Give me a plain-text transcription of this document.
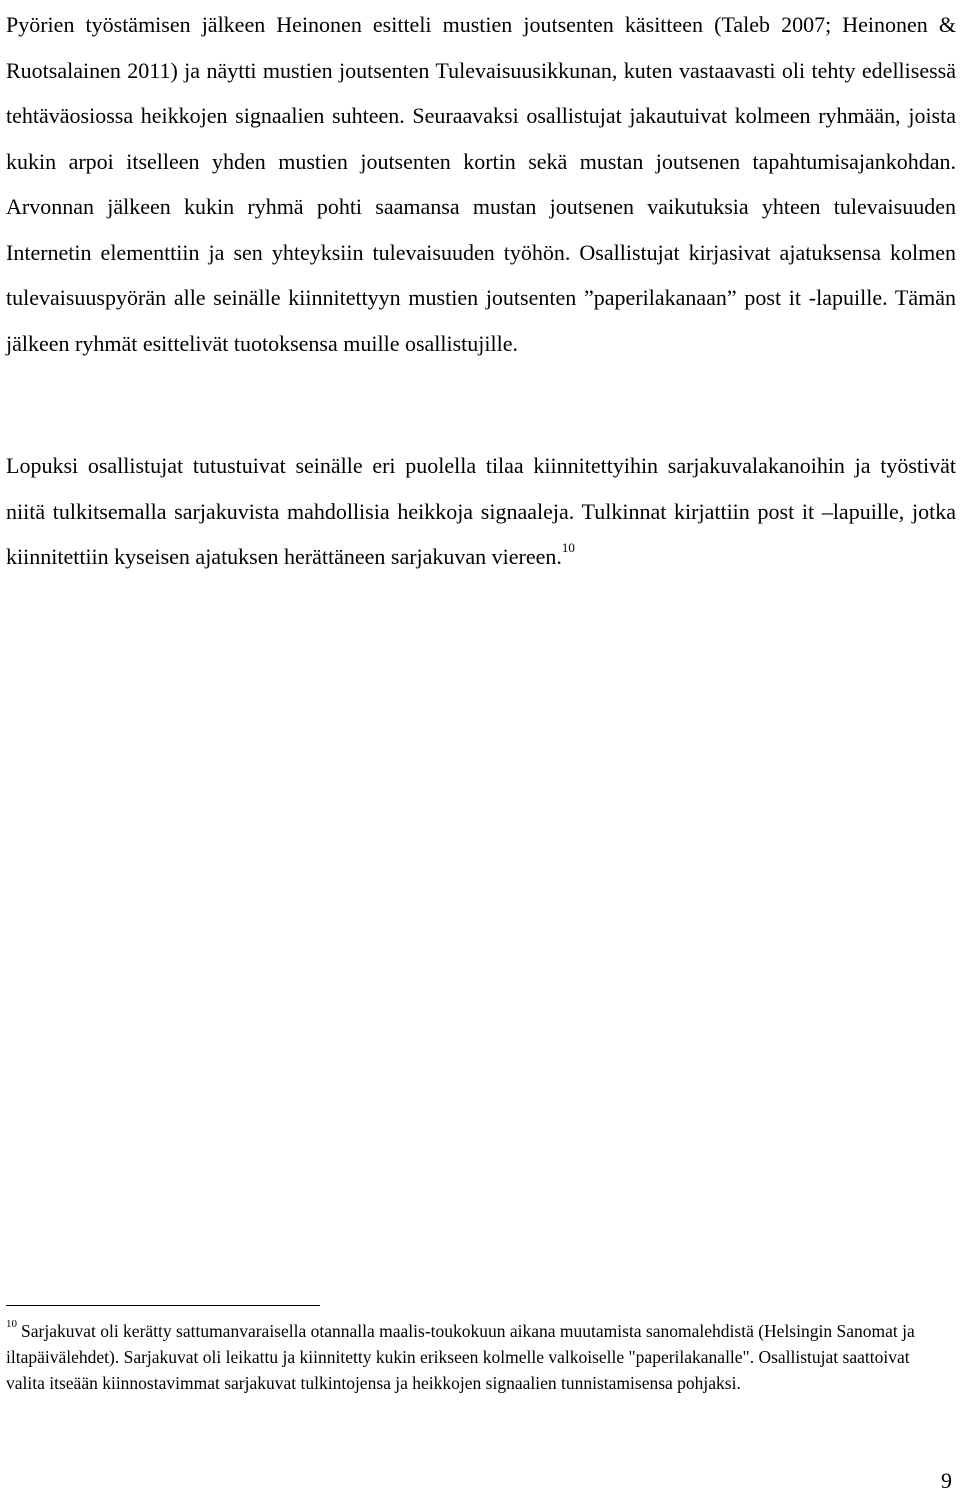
Pyörien työstämisen jälkeen Heinonen esitteli mustien joutsenten käsitteen (Taleb 2007; Heinonen & Ruotsalainen 2011) ja näytti mustien joutsenten Tulevaisuusikkunan, kuten vastaavasti oli tehty edellisessä tehtäväosiossa heikkojen signaalien suhteen. Seuraavaksi osallistujat jakautuivat kolmeen ryhmään, joista kukin arpoi itselleen yhden mustien joutsenten kortin sekä mustan joutsenen tapahtumisajankohdan. Arvonnan jälkeen kukin ryhmä pohti saamansa mustan joutsenen vaikutuksia yhteen tulevaisuuden Internetin elementtiin ja sen yhteyksiin tulevaisuuden työhön. Osallistujat kirjasivat ajatuksensa kolmen tulevaisuuspyörän alle seinälle kiinnitettyyn mustien joutsenten ”paperilakanaan” post it -lapuille. Tämän jälkeen ryhmät esittelivät tuotoksensa muille osallistujille.

Lopuksi osallistujat tutustuivat seinälle eri puolella tilaa kiinnitettyihin sarjakuvalakanoihin ja työstivät niitä tulkitsemalla sarjakuvista mahdollisia heikkoja signaaleja. Tulkinnat kirjattiin post it –lapuille, jotka kiinnitettiin kyseisen ajatuksen herättäneen sarjakuvan viereen.$^{10}$

$^{10}$ Sarjakuvat oli kerätty sattumanvaraisella otannalla maalis-toukokuun aikana muutamista sanomalehdistä (Helsingin Sanomat ja iltapäivälehdet). Sarjakuvat oli leikattu ja kiinnitetty kukin erikseen kolmelle valkoiselle "paperilakanalle". Osallistujat saattoivat valita itseään kiinnostavimmat sarjakuvat tulkintojensa ja heikkojen signaalien tunnistamisensa pohjaksi.

9
